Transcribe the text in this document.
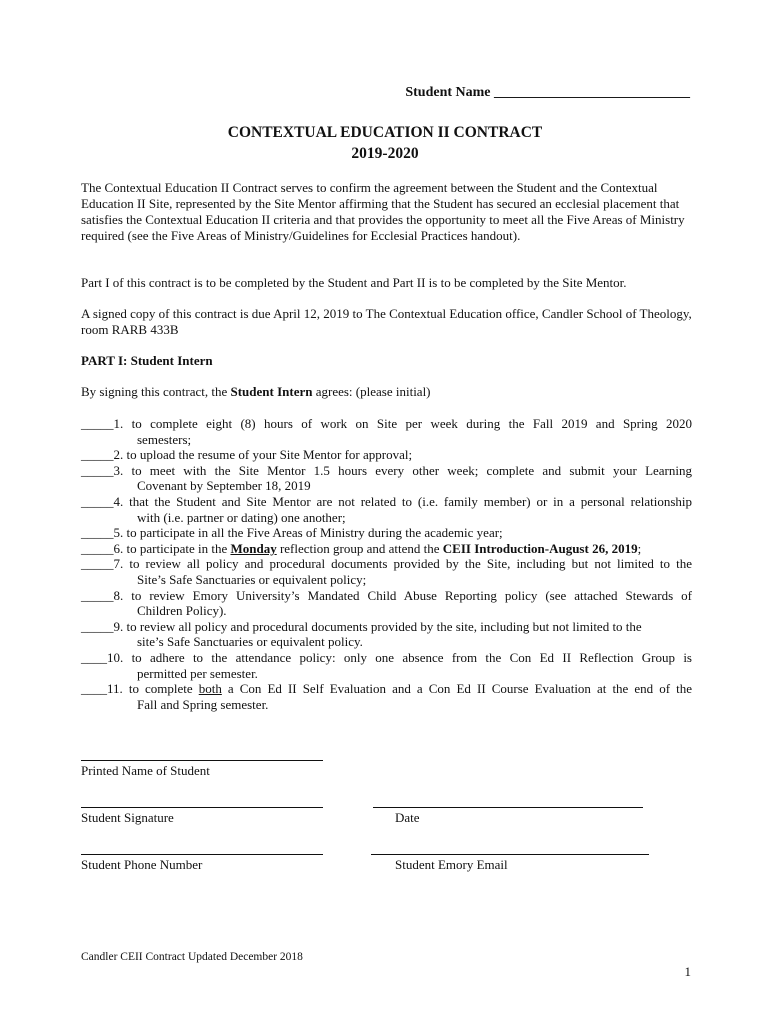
Student Name ____________________________
CONTEXTUAL EDUCATION II CONTRACT
2019-2020
The Contextual Education II Contract serves to confirm the agreement between the Student and the Contextual Education II Site, represented by the Site Mentor affirming that the Student has secured an ecclesial placement that satisfies the Contextual Education II criteria and that provides the opportunity to meet all the Five Areas of Ministry required (see the Five Areas of Ministry/Guidelines for Ecclesial Practices handout).
Part I of this contract is to be completed by the Student and Part II is to be completed by the Site Mentor.
A signed copy of this contract is due April 12, 2019 to The Contextual Education office, Candler School of Theology, room RARB 433B
PART I: Student Intern
By signing this contract, the Student Intern agrees: (please initial)
_____1. to complete eight (8) hours of work on Site per week during the Fall 2019 and Spring 2020
semesters;
_____2. to upload the resume of your Site Mentor for approval;
_____3. to meet with the Site Mentor 1.5 hours every other week; complete and submit your Learning
Covenant by September 18, 2019
_____4. that the Student and Site Mentor are not related to (i.e. family member) or in a personal relationship
with (i.e. partner or dating) one another;
_____5. to participate in all the Five Areas of Ministry during the academic year;
_____6. to participate in the Monday reflection group and attend the CEII Introduction-August 26, 2019;
_____7. to review all policy and procedural documents provided by the Site, including but not limited to the
Site’s Safe Sanctuaries or equivalent policy;
_____8. to review Emory University’s Mandated Child Abuse Reporting policy (see attached Stewards of
Children Policy).
_____9. to review all policy and procedural documents provided by the site, including but not limited to the
site’s Safe Sanctuaries or equivalent policy.
____10. to adhere to the attendance policy: only one absence from the Con Ed II Reflection Group is
permitted per semester.
____11. to complete both a Con Ed II Self Evaluation and a Con Ed II Course Evaluation at the end of the
Fall and Spring semester.
Printed Name of Student
Student Signature	Date
Student Phone Number	Student Emory Email
Candler CEII Contract Updated December 2018
1
